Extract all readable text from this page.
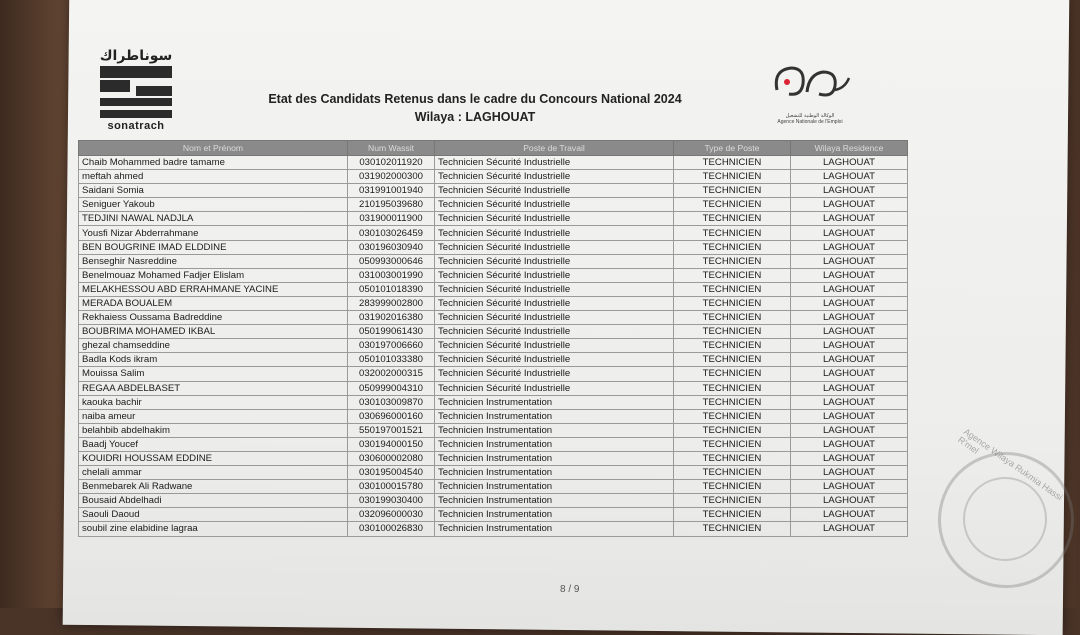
سوناطراك
sonatrach
الوكالة الوطنية للتشغيل
Agence Nationale de l'Emploi
Etat des Candidats Retenus dans le cadre du Concours National 2024
Wilaya : LAGHOUAT
Nom et Prénom	Num Wassit	Poste de Travail	Type de Poste	Wilaya Residence
Chaib Mohammed badre tamame	030102011920	Technicien Sécurité Industrielle	TECHNICIEN	LAGHOUAT
meftah ahmed	031902000300	Technicien Sécurité Industrielle	TECHNICIEN	LAGHOUAT
Saidani Somia	031991001940	Technicien Sécurité Industrielle	TECHNICIEN	LAGHOUAT
Seniguer Yakoub	210195039680	Technicien Sécurité Industrielle	TECHNICIEN	LAGHOUAT
TEDJINI NAWAL NADJLA	031900011900	Technicien Sécurité Industrielle	TECHNICIEN	LAGHOUAT
Yousfi Nizar Abderrahmane	030103026459	Technicien Sécurité Industrielle	TECHNICIEN	LAGHOUAT
BEN BOUGRINE IMAD ELDDINE	030196030940	Technicien Sécurité Industrielle	TECHNICIEN	LAGHOUAT
Benseghir Nasreddine	050993000646	Technicien Sécurité Industrielle	TECHNICIEN	LAGHOUAT
Benelmouaz Mohamed Fadjer Elislam	031003001990	Technicien Sécurité Industrielle	TECHNICIEN	LAGHOUAT
MELAKHESSOU ABD ERRAHMANE YACINE	050101018390	Technicien Sécurité Industrielle	TECHNICIEN	LAGHOUAT
MERADA BOUALEM	283999002800	Technicien Sécurité Industrielle	TECHNICIEN	LAGHOUAT
Rekhaiess Oussama Badreddine	031902016380	Technicien Sécurité Industrielle	TECHNICIEN	LAGHOUAT
BOUBRIMA MOHAMED IKBAL	050199061430	Technicien Sécurité Industrielle	TECHNICIEN	LAGHOUAT
ghezal chamseddine	030197006660	Technicien Sécurité Industrielle	TECHNICIEN	LAGHOUAT
Badla Kods ikram	050101033380	Technicien Sécurité Industrielle	TECHNICIEN	LAGHOUAT
Mouissa Salim	032002000315	Technicien Sécurité Industrielle	TECHNICIEN	LAGHOUAT
REGAA ABDELBASET	050999004310	Technicien Sécurité Industrielle	TECHNICIEN	LAGHOUAT
kaouka bachir	030103009870	Technicien Instrumentation	TECHNICIEN	LAGHOUAT
naiba ameur	030696000160	Technicien Instrumentation	TECHNICIEN	LAGHOUAT
belahbib abdelhakim	550197001521	Technicien Instrumentation	TECHNICIEN	LAGHOUAT
Baadj Youcef	030194000150	Technicien Instrumentation	TECHNICIEN	LAGHOUAT
KOUIDRI HOUSSAM EDDINE	030600002080	Technicien Instrumentation	TECHNICIEN	LAGHOUAT
chelali ammar	030195004540	Technicien Instrumentation	TECHNICIEN	LAGHOUAT
Benmebarek Ali Radwane	030100015780	Technicien Instrumentation	TECHNICIEN	LAGHOUAT
Bousaid Abdelhadi	030199030400	Technicien Instrumentation	TECHNICIEN	LAGHOUAT
Saouli Daoud	032096000030	Technicien Instrumentation	TECHNICIEN	LAGHOUAT
soubil zine elabidine lagraa	030100026830	Technicien Instrumentation	TECHNICIEN	LAGHOUAT
Agence Wilaya Rukmia Hassi R'mel
8 / 9
